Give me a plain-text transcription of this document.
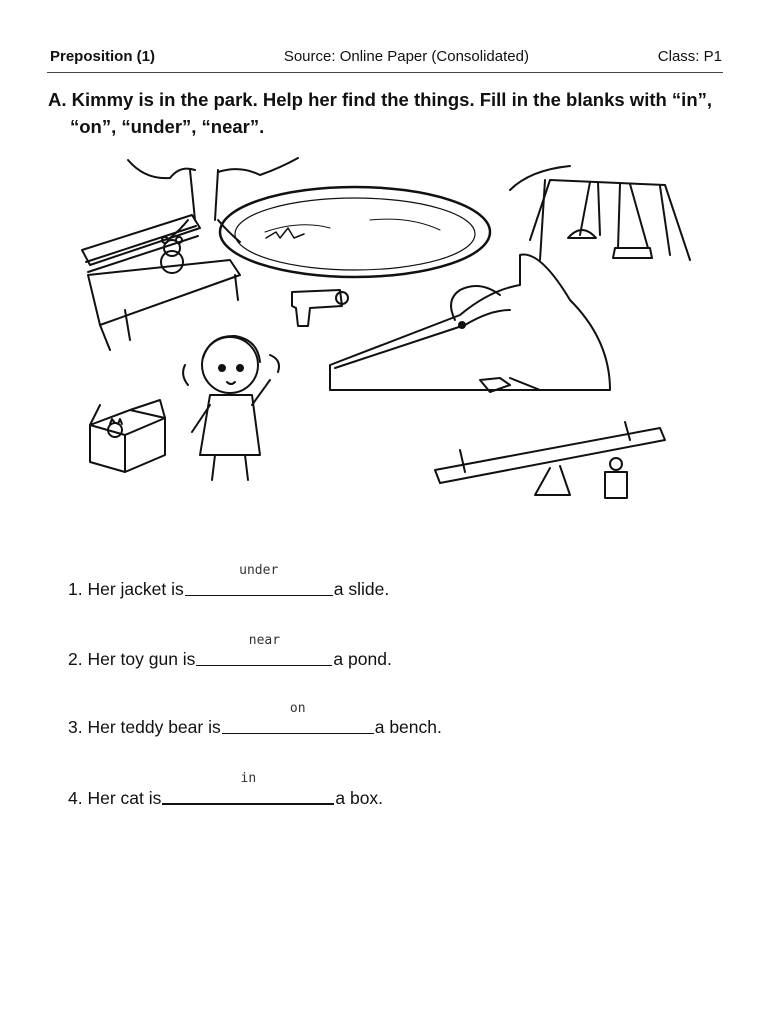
Preposition (1)	Source: Online Paper (Consolidated)	Class: P1
A. Kimmy is in the park. Help her find the things. Fill in the blanks with “in”,
“on”, “under”, “near”.
1. Her jacket is
under
a slide.
2. Her toy gun is
near
a pond.
3. Her teddy bear is
on
a bench.
4. Her cat is
in
a box.
